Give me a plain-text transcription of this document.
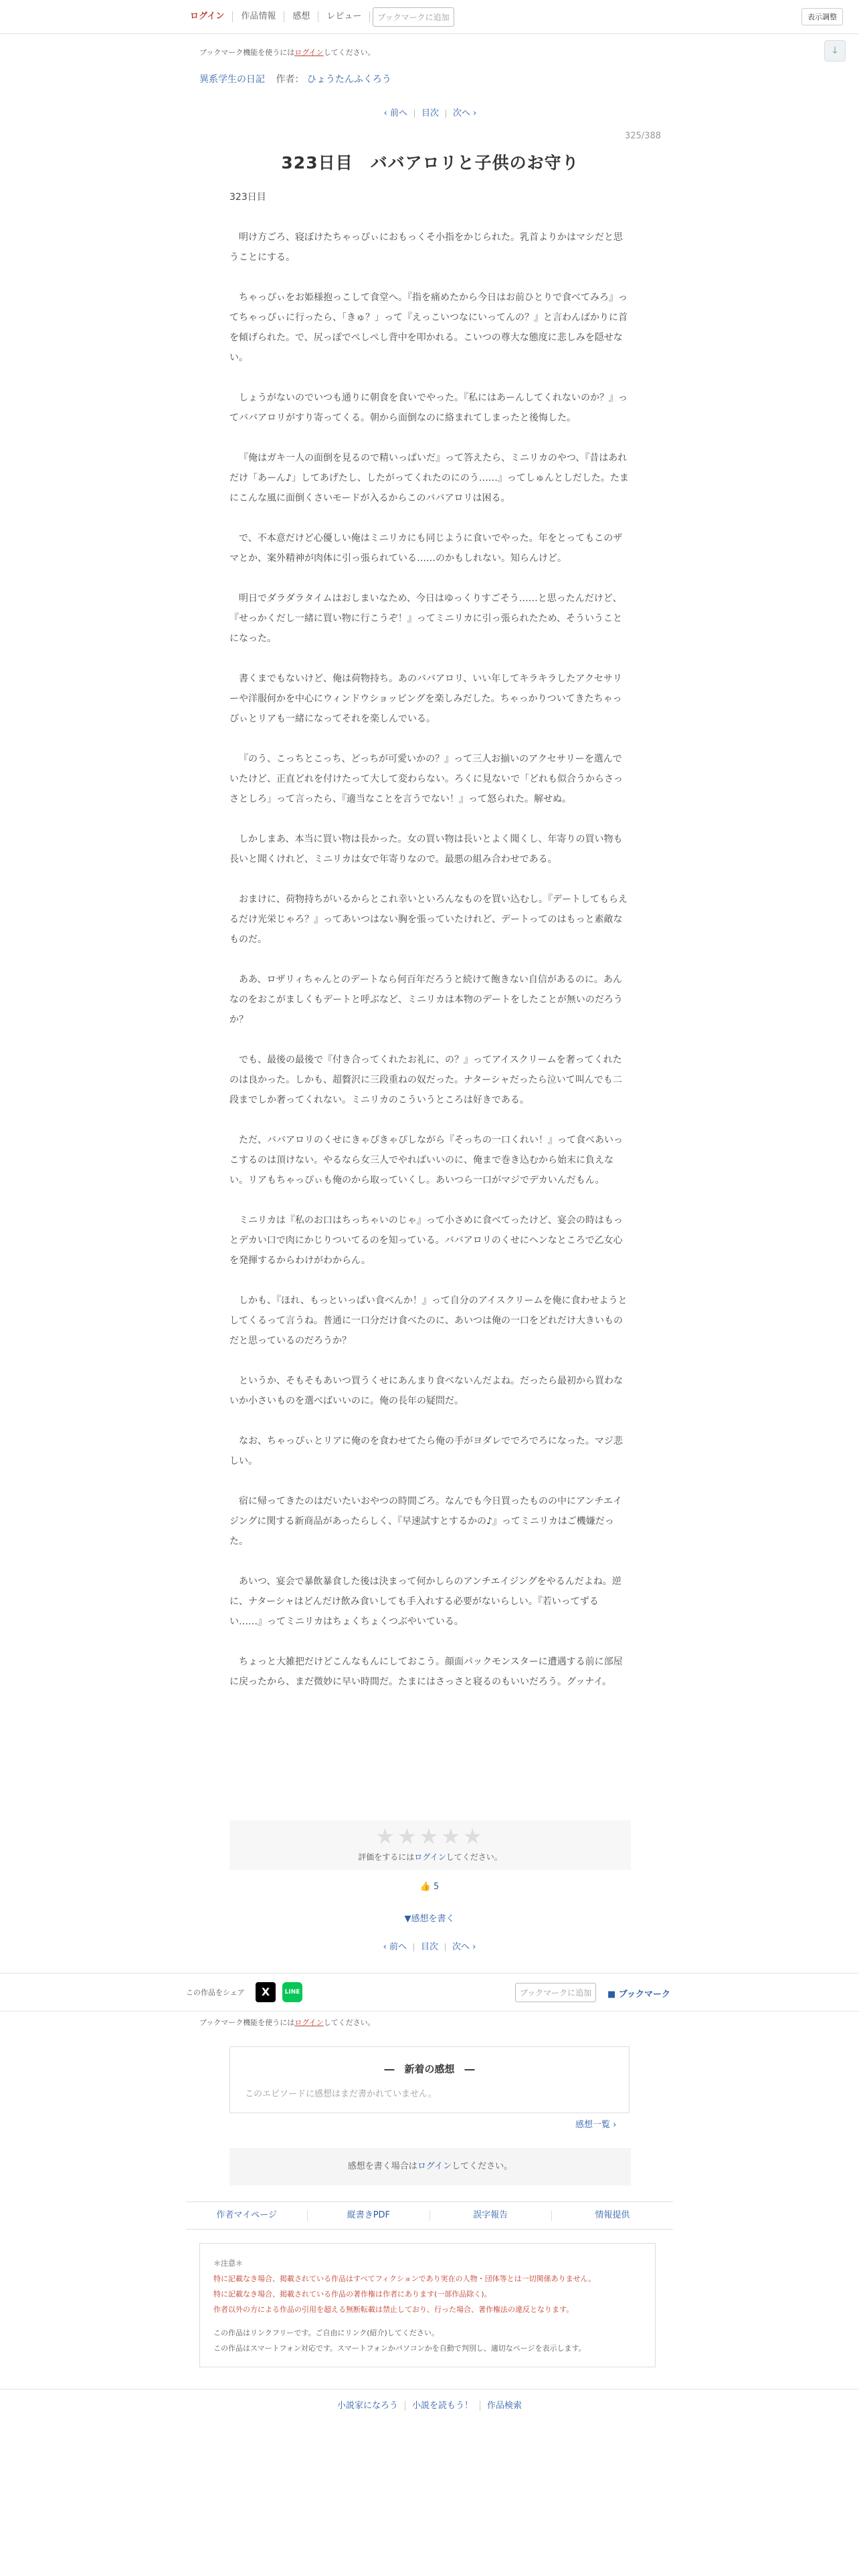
ログイン	作品情報	感想	レビュー	ブックマークに追加	表示調整
↓
ブックマーク機能を使うにはログインしてください。
異系学生の日記 作者： ひょうたんふくろう
‹ 前へ 目次 次へ ›
325/388
323日目　ババアロリと子供のお守り

323日目

明け方ごろ、寝ぼけたちゃっぴぃにおもっくそ小指をかじられた。乳首よりかはマシだと思うことにする。

ちゃっぴぃをお姫様抱っこして食堂へ。『指を痛めたから今日はお前ひとりで食べてみろ』ってちゃっぴぃに行ったら、「きゅ？」って『えっこいつなにいってんの？』と言わんばかりに首を傾げられた。で、尻っぽでぺしぺし背中を叩かれる。こいつの尊大な態度に悲しみを隠せない。

しょうがないのでいつも通りに朝食を食いでやった。『私にはあーんしてくれないのか？』ってババアロリがすり寄ってくる。朝から面倒なのに絡まれてしまったと後悔した。

『俺はガキ一人の面倒を見るので精いっぱいだ』って答えたら、ミニリカのやつ、『昔はあれだけ「あーん♪」してあげたし、したがってくれたのにのう……』ってしゅんとしだした。たまにこんな風に面倒くさいモードが入るからこのババアロリは困る。

で、不本意だけど心優しい俺はミニリカにも同じように食いでやった。年をとってもこのザマとか、案外精神が肉体に引っ張られている……のかもしれない。知らんけど。

明日でダラダラタイムはおしまいなため、今日はゆっくりすごそう……と思ったんだけど、『せっかくだし一緒に買い物に行こうぞ！』ってミニリカに引っ張られたため、そういうことになった。

書くまでもないけど、俺は荷物持ち。あのババアロリ、いい年してキラキラしたアクセサリーや洋服何かを中心にウィンドウショッピングを楽しみだした。ちゃっかりついてきたちゃっぴぃとリアも一緒になってそれを楽しんでいる。

『のう、こっちとこっち、どっちが可愛いかの？』って三人お揃いのアクセサリーを選んでいたけど、正直どれを付けたって大して変わらない。ろくに見ないで「どれも似合うからさっさとしろ」って言ったら、『適当なことを言うでない！』って怒られた。解せぬ。

しかしまあ、本当に買い物は長かった。女の買い物は長いとよく聞くし、年寄りの買い物も長いと聞くけれど、ミニリカは女で年寄りなので。最悪の組み合わせである。

おまけに、荷物持ちがいるからとこれ幸いといろんなものを買い込むし。『デートしてもらえるだけ光栄じゃろ？』ってあいつはない胸を張っていたけれど、デートってのはもっと素敵なものだ。

ああ、ロザリィちゃんとのデートなら何百年だろうと続けて飽きない自信があるのに。あんなのをおこがましくもデートと呼ぶなど、ミニリカは本物のデートをしたことが無いのだろうか？

でも、最後の最後で『付き合ってくれたお礼に、の？』ってアイスクリームを奢ってくれたのは良かった。しかも、超贅沢に三段重ねの奴だった。ナターシャだったら泣いて叫んでも二段までしか奢ってくれない。ミニリカのこういうところは好きである。

ただ、ババアロリのくせにきゃぴきゃぴしながら『そっちの一口くれい！』って食べあいっこするのは頂けない。やるなら女三人でやればいいのに、俺まで巻き込むから始末に負えない。リアもちゃっぴぃも俺のから取っていくし。あいつら一口がマジでデカいんだもん。

ミニリカは『私のお口はちっちゃいのじゃ』って小さめに食べてったけど、宴会の時はもっとデカい口で肉にかじりついてるのを知っている。ババアロリのくせにヘンなところで乙女心を発揮するからわけがわからん。

しかも、『ほれ、もっといっぱい食べんか！』って自分のアイスクリームを俺に食わせようとしてくるって言うね。普通に一口分だけ食べたのに、あいつは俺の一口をどれだけ大きいものだと思っているのだろうか？

というか、そもそもあいつ買うくせにあんまり食べないんだよね。だったら最初から買わないか小さいものを選べばいいのに。俺の長年の疑問だ。

なお、ちゃっぴぃとリアに俺のを食わせてたら俺の手がヨダレででろでろになった。マジ悲しい。

宿に帰ってきたのはだいたいおやつの時間ごろ。なんでも今日買ったものの中にアンチエイジングに関する新商品があったらしく、『早速試すとするかの♪』ってミニリカはご機嫌だった。

あいつ、宴会で暴飲暴食した後は決まって何かしらのアンチエイジングをやるんだよね。逆に、ナターシャはどんだけ飲み食いしても手入れする必要がないらしい。『若いってずるい……』ってミニリカはちょくちょくつぶやいている。

ちょっと大雑把だけどこんなもんにしておこう。顔面パックモンスターに遭遇する前に部屋に戻ったから、まだ微妙に早い時間だ。たまにはさっさと寝るのもいいだろう。グッナイ。

★★★★★
評価をするにはログインしてください。
👍 5
▼感想を書く
‹ 前へ 目次 次へ ›
この作品をシェア	X	LINE	ブックマークに追加	■ ブックマーク
ブックマーク機能を使うにはログインしてください。
―　新着の感想　―
このエピソードに感想はまだ書かれていません。
感想一覧 ›
感想を書く場合はログインしてください。
作者マイページ	縦書きPDF	誤字報告	情報提供
＊注意＊
特に記載なき場合、掲載されている作品はすべてフィクションであり実在の人物・団体等とは一切関係ありません。
特に記載なき場合、掲載されている作品の著作権は作者にあります(一部作品除く)。
作者以外の方による作品の引用を超える無断転載は禁止しており、行った場合、著作権法の違反となります。
この作品はリンクフリーです。ご自由にリンク(紹介)してください。
この作品はスマートフォン対応です。スマートフォンかパソコンかを自動で判別し、適切なページを表示します。
小説家になろう 小説を読もう！ 作品検索
